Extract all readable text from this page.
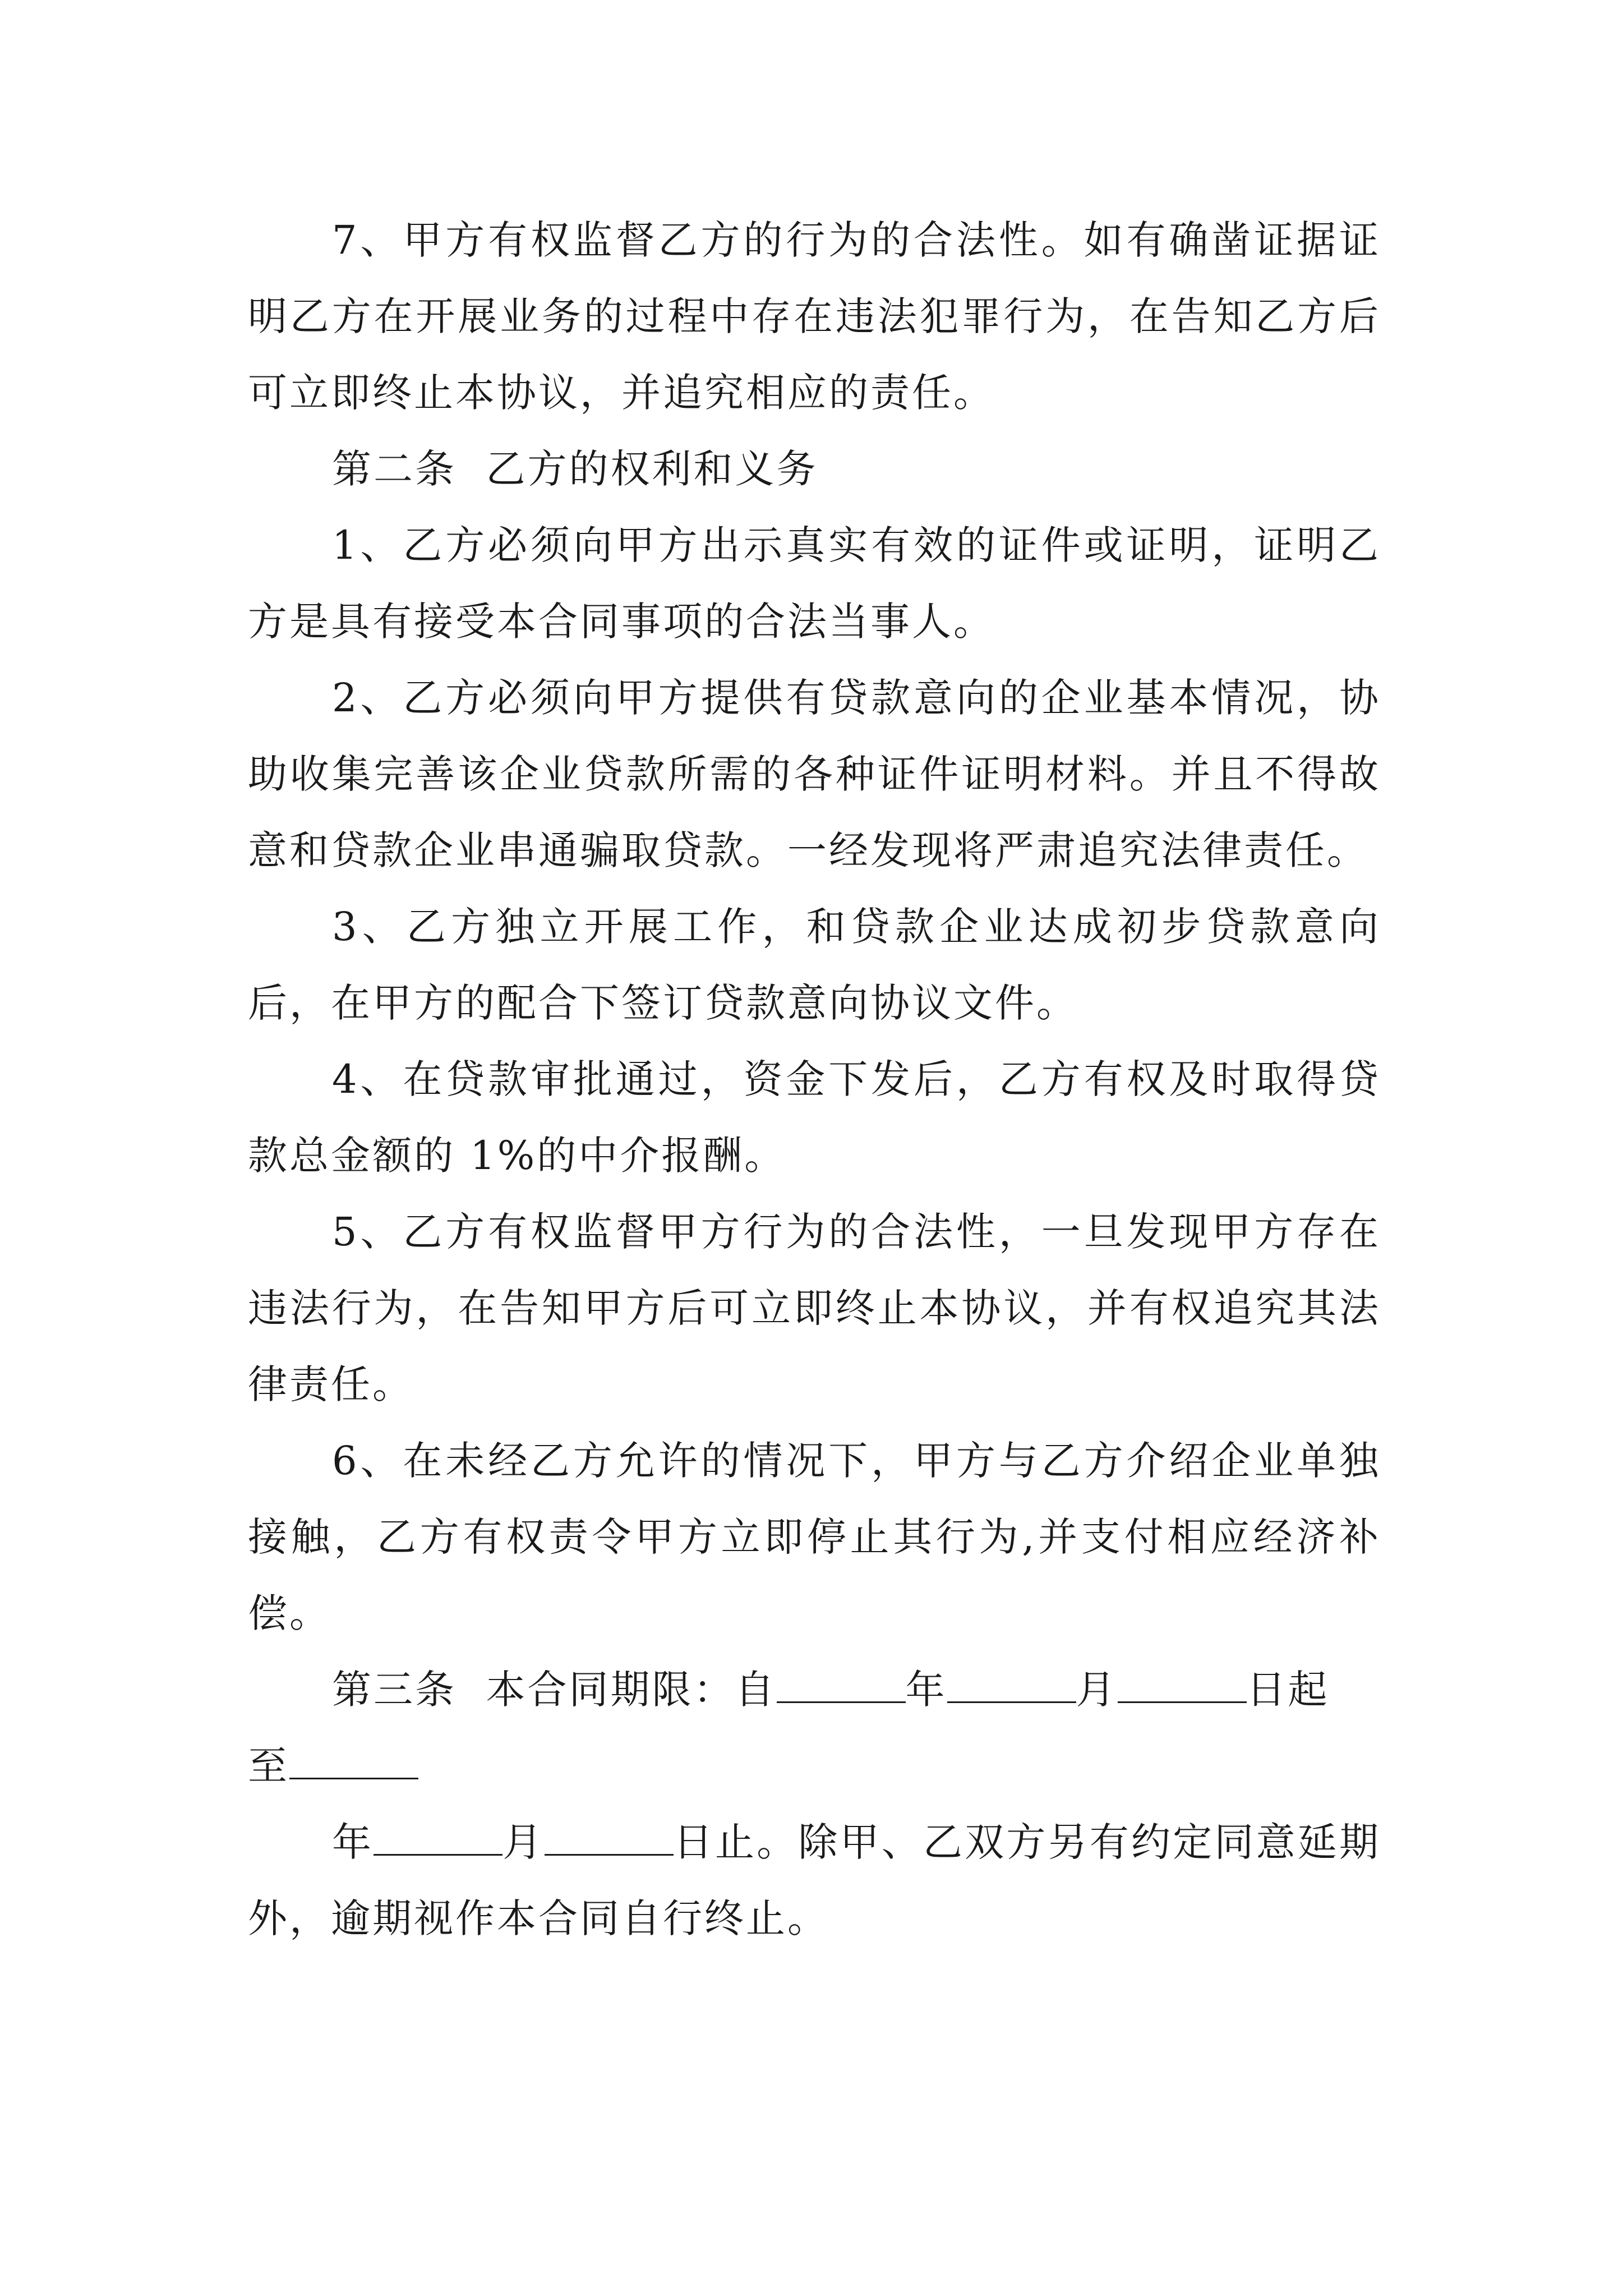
7、甲方有权监督乙方的行为的合法性。如有确凿证据证明乙方在开展业务的过程中存在违法犯罪行为，在告知乙方后可立即终止本协议，并追究相应的责任。

第二条  乙方的权利和义务

1、乙方必须向甲方出示真实有效的证件或证明，证明乙方是具有接受本合同事项的合法当事人。

2、乙方必须向甲方提供有贷款意向的企业基本情况，协助收集完善该企业贷款所需的各种证件证明材料。并且不得故意和贷款企业串通骗取贷款。一经发现将严肃追究法律责任。

3、乙方独立开展工作，和贷款企业达成初步贷款意向后，在甲方的配合下签订贷款意向协议文件。

4、在贷款审批通过，资金下发后，乙方有权及时取得贷款总金额的 1%的中介报酬。

5、乙方有权监督甲方行为的合法性，一旦发现甲方存在违法行为，在告知甲方后可立即终止本协议，并有权追究其法律责任。

6、在未经乙方允许的情况下，甲方与乙方介绍企业单独接触，乙方有权责令甲方立即停止其行为,并支付相应经济补偿。

第三条  本合同期限：自	年	月	日起

至

年	月	日止。除甲、乙双方另有约定同意延期外，逾期视作本合同自行终止。
